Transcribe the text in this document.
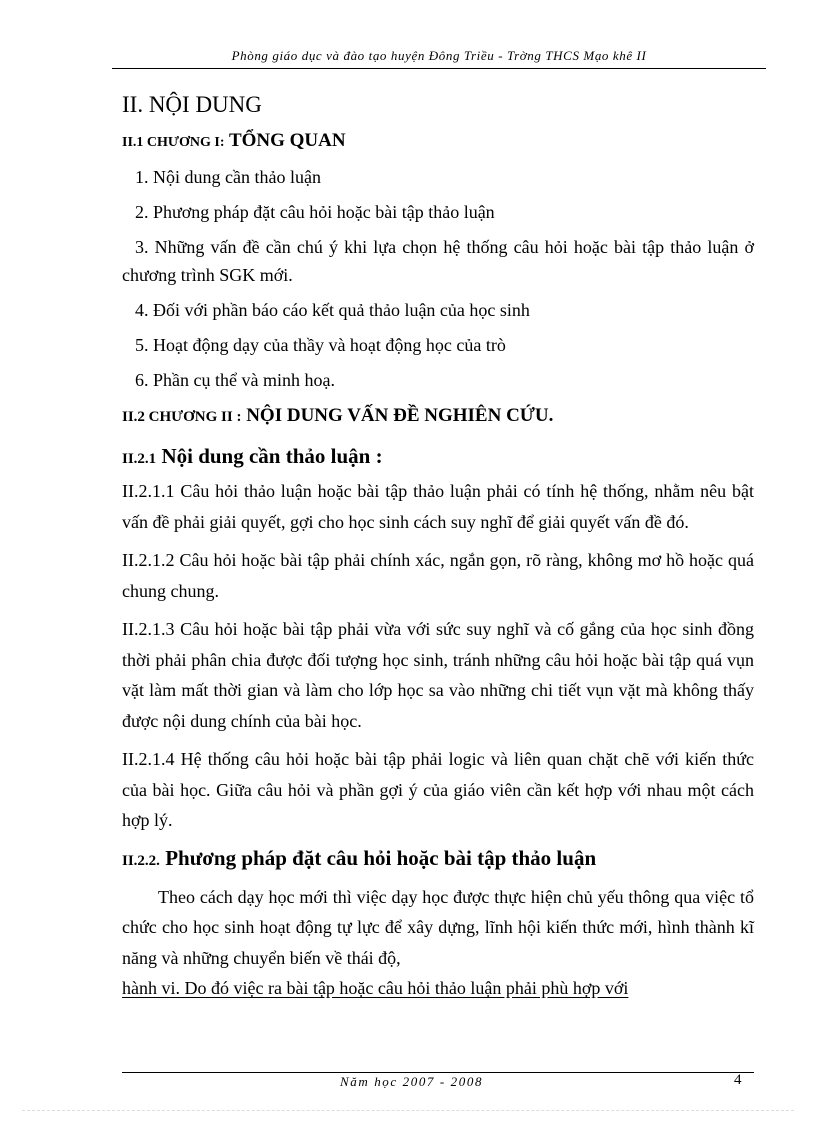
Phòng giáo dục và đào tạo huyện Đông Triều - Trờng THCS Mạo khê II
II. NỘI DUNG
II.1 CHƯƠNG I: TỔNG QUAN
1. Nội dung cần thảo luận
2. Phương pháp đặt câu hỏi hoặc bài tập thảo luận
3. Những vấn đề cần chú ý khi lựa chọn hệ thống câu hỏi hoặc bài tập thảo luận ở chương trình SGK mới.
4. Đối với phần báo cáo kết quả thảo luận của học sinh
5. Hoạt động dạy của thầy và hoạt động học của trò
6. Phần cụ thể và minh hoạ.
II.2 CHƯƠNG II : NỘI DUNG VẤN ĐỀ NGHIÊN CỨU.
II.2.1 Nội dung cần thảo luận :

II.2.1.1 Câu hỏi thảo luận hoặc bài tập thảo luận phải có tính hệ thống, nhằm nêu bật vấn đề phải giải quyết, gợi cho học sinh cách suy nghĩ để giải quyết vấn đề đó.

II.2.1.2 Câu hỏi hoặc bài tập phải chính xác, ngắn gọn, rõ ràng, không mơ hồ hoặc quá chung chung.

II.2.1.3 Câu hỏi hoặc bài tập phải vừa với sức suy nghĩ và cố gắng của học sinh đồng thời phải phân chia được đối tượng học sinh, tránh những câu hỏi hoặc bài tập quá vụn vặt làm mất thời gian và làm cho lớp học sa vào những chi tiết vụn vặt mà không thấy được nội dung chính của bài học.

II.2.1.4 Hệ thống câu hỏi hoặc bài tập phải logic và liên quan chặt chẽ với kiến thức của bài học. Giữa câu hỏi và phần gợi ý của giáo viên cần kết hợp với nhau một cách hợp lý.

II.2.2. Phương pháp đặt câu hỏi hoặc bài tập thảo luận

Theo cách dạy học mới thì việc dạy học được thực hiện chủ yếu thông qua việc tổ chức cho học sinh hoạt động tự lực để xây dựng, lĩnh hội kiến thức mới, hình thành kĩ năng và những chuyển biến về thái độ,

hành vi. Do đó việc ra bài tập hoặc câu hỏi thảo luận phải phù hợp với

Năm học 2007 - 2008	4
